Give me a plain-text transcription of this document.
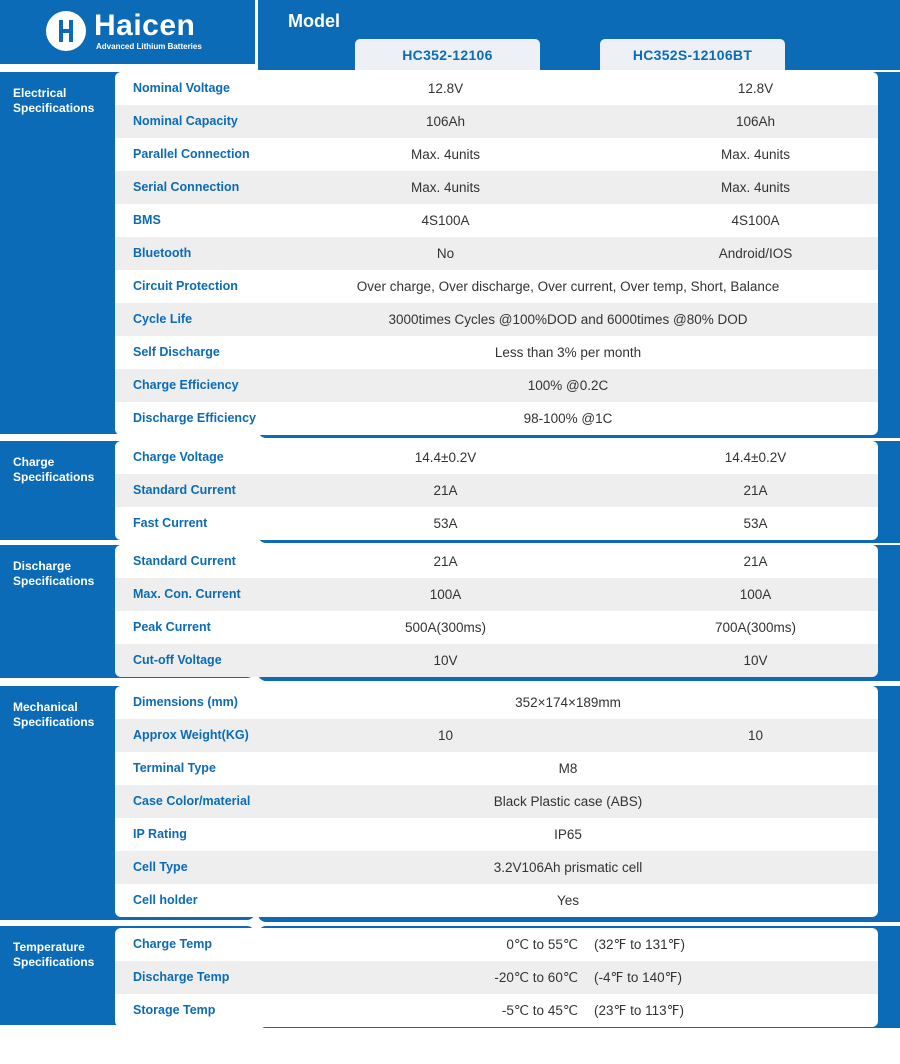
Haicen
Advanced Lithium Batteries
Model
HC352-12106	HC352S-12106BT
Electrical
Specifications
Nominal Voltage	12.8V	12.8V
Nominal Capacity	106Ah	106Ah
Parallel Connection	Max. 4units	Max. 4units
Serial Connection	Max. 4units	Max. 4units
BMS	4S100A	4S100A
Bluetooth	No	Android/IOS
Circuit Protection	Over charge, Over discharge, Over current, Over temp, Short, Balance
Cycle Life	3000times Cycles @100%DOD and 6000times @80% DOD
Self Discharge	Less than 3% per month
Charge Efficiency	100% @0.2C
Discharge Efficiency	98-100% @1C
Charge
Specifications
Charge Voltage	14.4±0.2V	14.4±0.2V
Standard Current	21A	21A
Fast Current	53A	53A
Discharge
Specifications
Standard Current	21A	21A
Max. Con. Current	100A	100A
Peak Current	500A(300ms)	700A(300ms)
Cut-off Voltage	10V	10V
Mechanical
Specifications
Dimensions (mm)	352×174×189mm
Approx Weight(KG)	10	10
Terminal Type	M8
Case Color/material	Black Plastic case (ABS)
IP Rating	IP65
Cell Type	3.2V106Ah prismatic cell
Cell holder	Yes
Temperature
Specifications
Charge Temp	0℃ to 55℃ (32℉ to 131℉)
Discharge Temp	-20℃ to 60℃ (-4℉ to 140℉)
Storage Temp	-5℃ to 45℃ (23℉ to 113℉)
